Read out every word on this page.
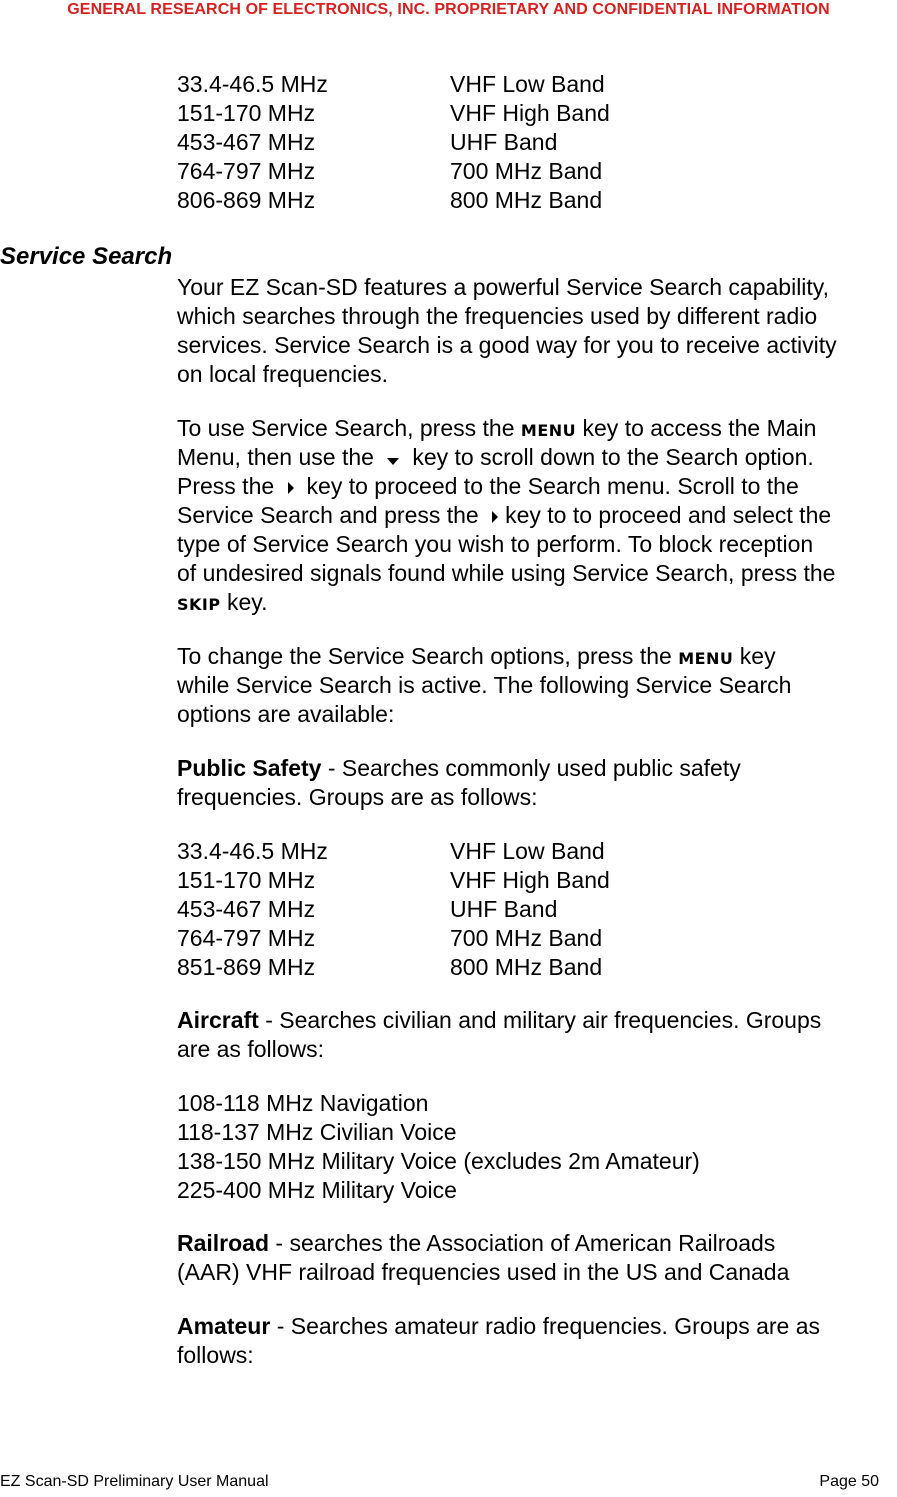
GENERAL RESEARCH OF ELECTRONICS, INC. PROPRIETARY AND CONFIDENTIAL INFORMATION
Service Search
33.4-46.5 MHz	VHF Low Band
151-170 MHz	VHF High Band
453-467 MHz	UHF Band
764-797 MHz	700 MHz Band
806-869 MHz	800 MHz Band
Your EZ Scan-SD features a powerful Service Search capability,
which searches through the frequencies used by different radio
services. Service Search is a good way for you to receive activity
on local frequencies.
To use Service Search, press the MENU key to access the Main
Menu, then use the key to scroll down to the Search option.
Press the key to proceed to the Search menu. Scroll to the
Service Search and press the key to to proceed and select the
type of Service Search you wish to perform. To block reception
of undesired signals found while using Service Search, press the
SKIP key.
To change the Service Search options, press the MENU key
while Service Search is active. The following Service Search
options are available:
Public Safety - Searches commonly used public safety
frequencies. Groups are as follows:
33.4-46.5 MHz	VHF Low Band
151-170 MHz	VHF High Band
453-467 MHz	UHF Band
764-797 MHz	700 MHz Band
851-869 MHz	800 MHz Band
Aircraft - Searches civilian and military air frequencies. Groups
are as follows:
108-118 MHz Navigation
118-137 MHz Civilian Voice
138-150 MHz Military Voice (excludes 2m Amateur)
225-400 MHz Military Voice
Railroad - searches the Association of American Railroads
(AAR) VHF railroad frequencies used in the US and Canada
Amateur - Searches amateur radio frequencies. Groups are as
follows:
EZ Scan-SD Preliminary User Manual	Page 50
